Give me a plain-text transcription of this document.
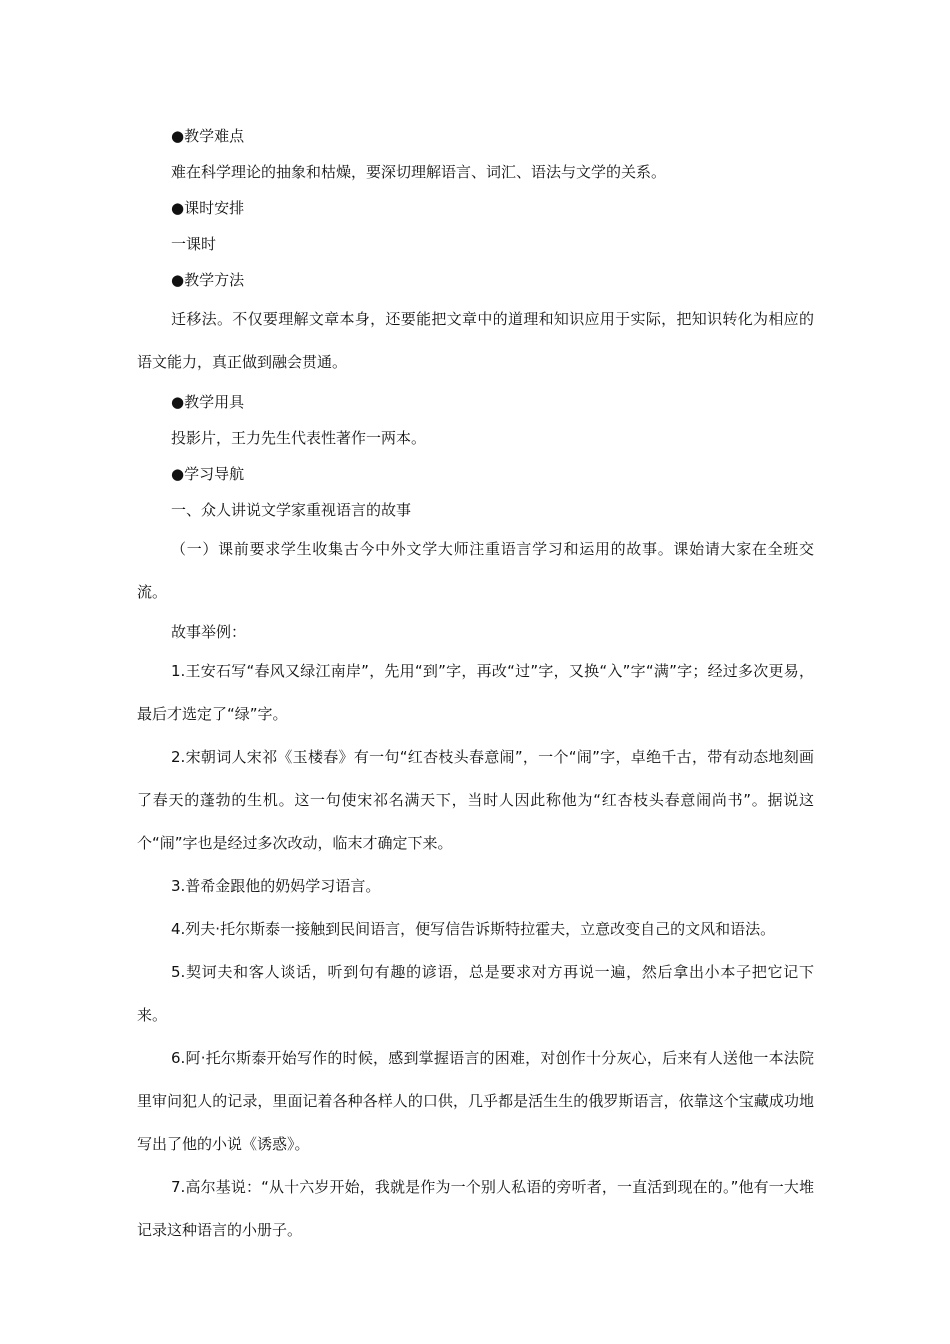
●教学难点

难在科学理论的抽象和枯燥，要深切理解语言、词汇、语法与文学的关系。

●课时安排

一课时

●教学方法

迁移法。不仅要理解文章本身，还要能把文章中的道理和知识应用于实际，把知识转化为相应的语文能力，真正做到融会贯通。

●教学用具

投影片，王力先生代表性著作一两本。

●学习导航

一、众人讲说文学家重视语言的故事

（一）课前要求学生收集古今中外文学大师注重语言学习和运用的故事。课始请大家在全班交流。

故事举例：

1.王安石写“春风又绿江南岸”，先用“到”字，再改“过”字，又换“入”字“满”字；经过多次更易，最后才选定了“绿”字。

2.宋朝词人宋祁《玉楼春》有一句“红杏枝头春意闹”，一个“闹”字，卓绝千古，带有动态地刻画了春天的蓬勃的生机。这一句使宋祁名满天下，当时人因此称他为“红杏枝头春意闹尚书”。据说这个“闹”字也是经过多次改动，临末才确定下来。

3.普希金跟他的奶妈学习语言。

4.列夫·托尔斯泰一接触到民间语言，便写信告诉斯特拉霍夫，立意改变自己的文风和语法。

5.契诃夫和客人谈话，听到句有趣的谚语，总是要求对方再说一遍，然后拿出小本子把它记下来。

6.阿·托尔斯泰开始写作的时候，感到掌握语言的困难，对创作十分灰心，后来有人送他一本法院里审问犯人的记录，里面记着各种各样人的口供，几乎都是活生生的俄罗斯语言，依靠这个宝藏成功地写出了他的小说《诱惑》。

7.高尔基说：“从十六岁开始，我就是作为一个别人私语的旁听者，一直活到现在的。”他有一大堆记录这种语言的小册子。
